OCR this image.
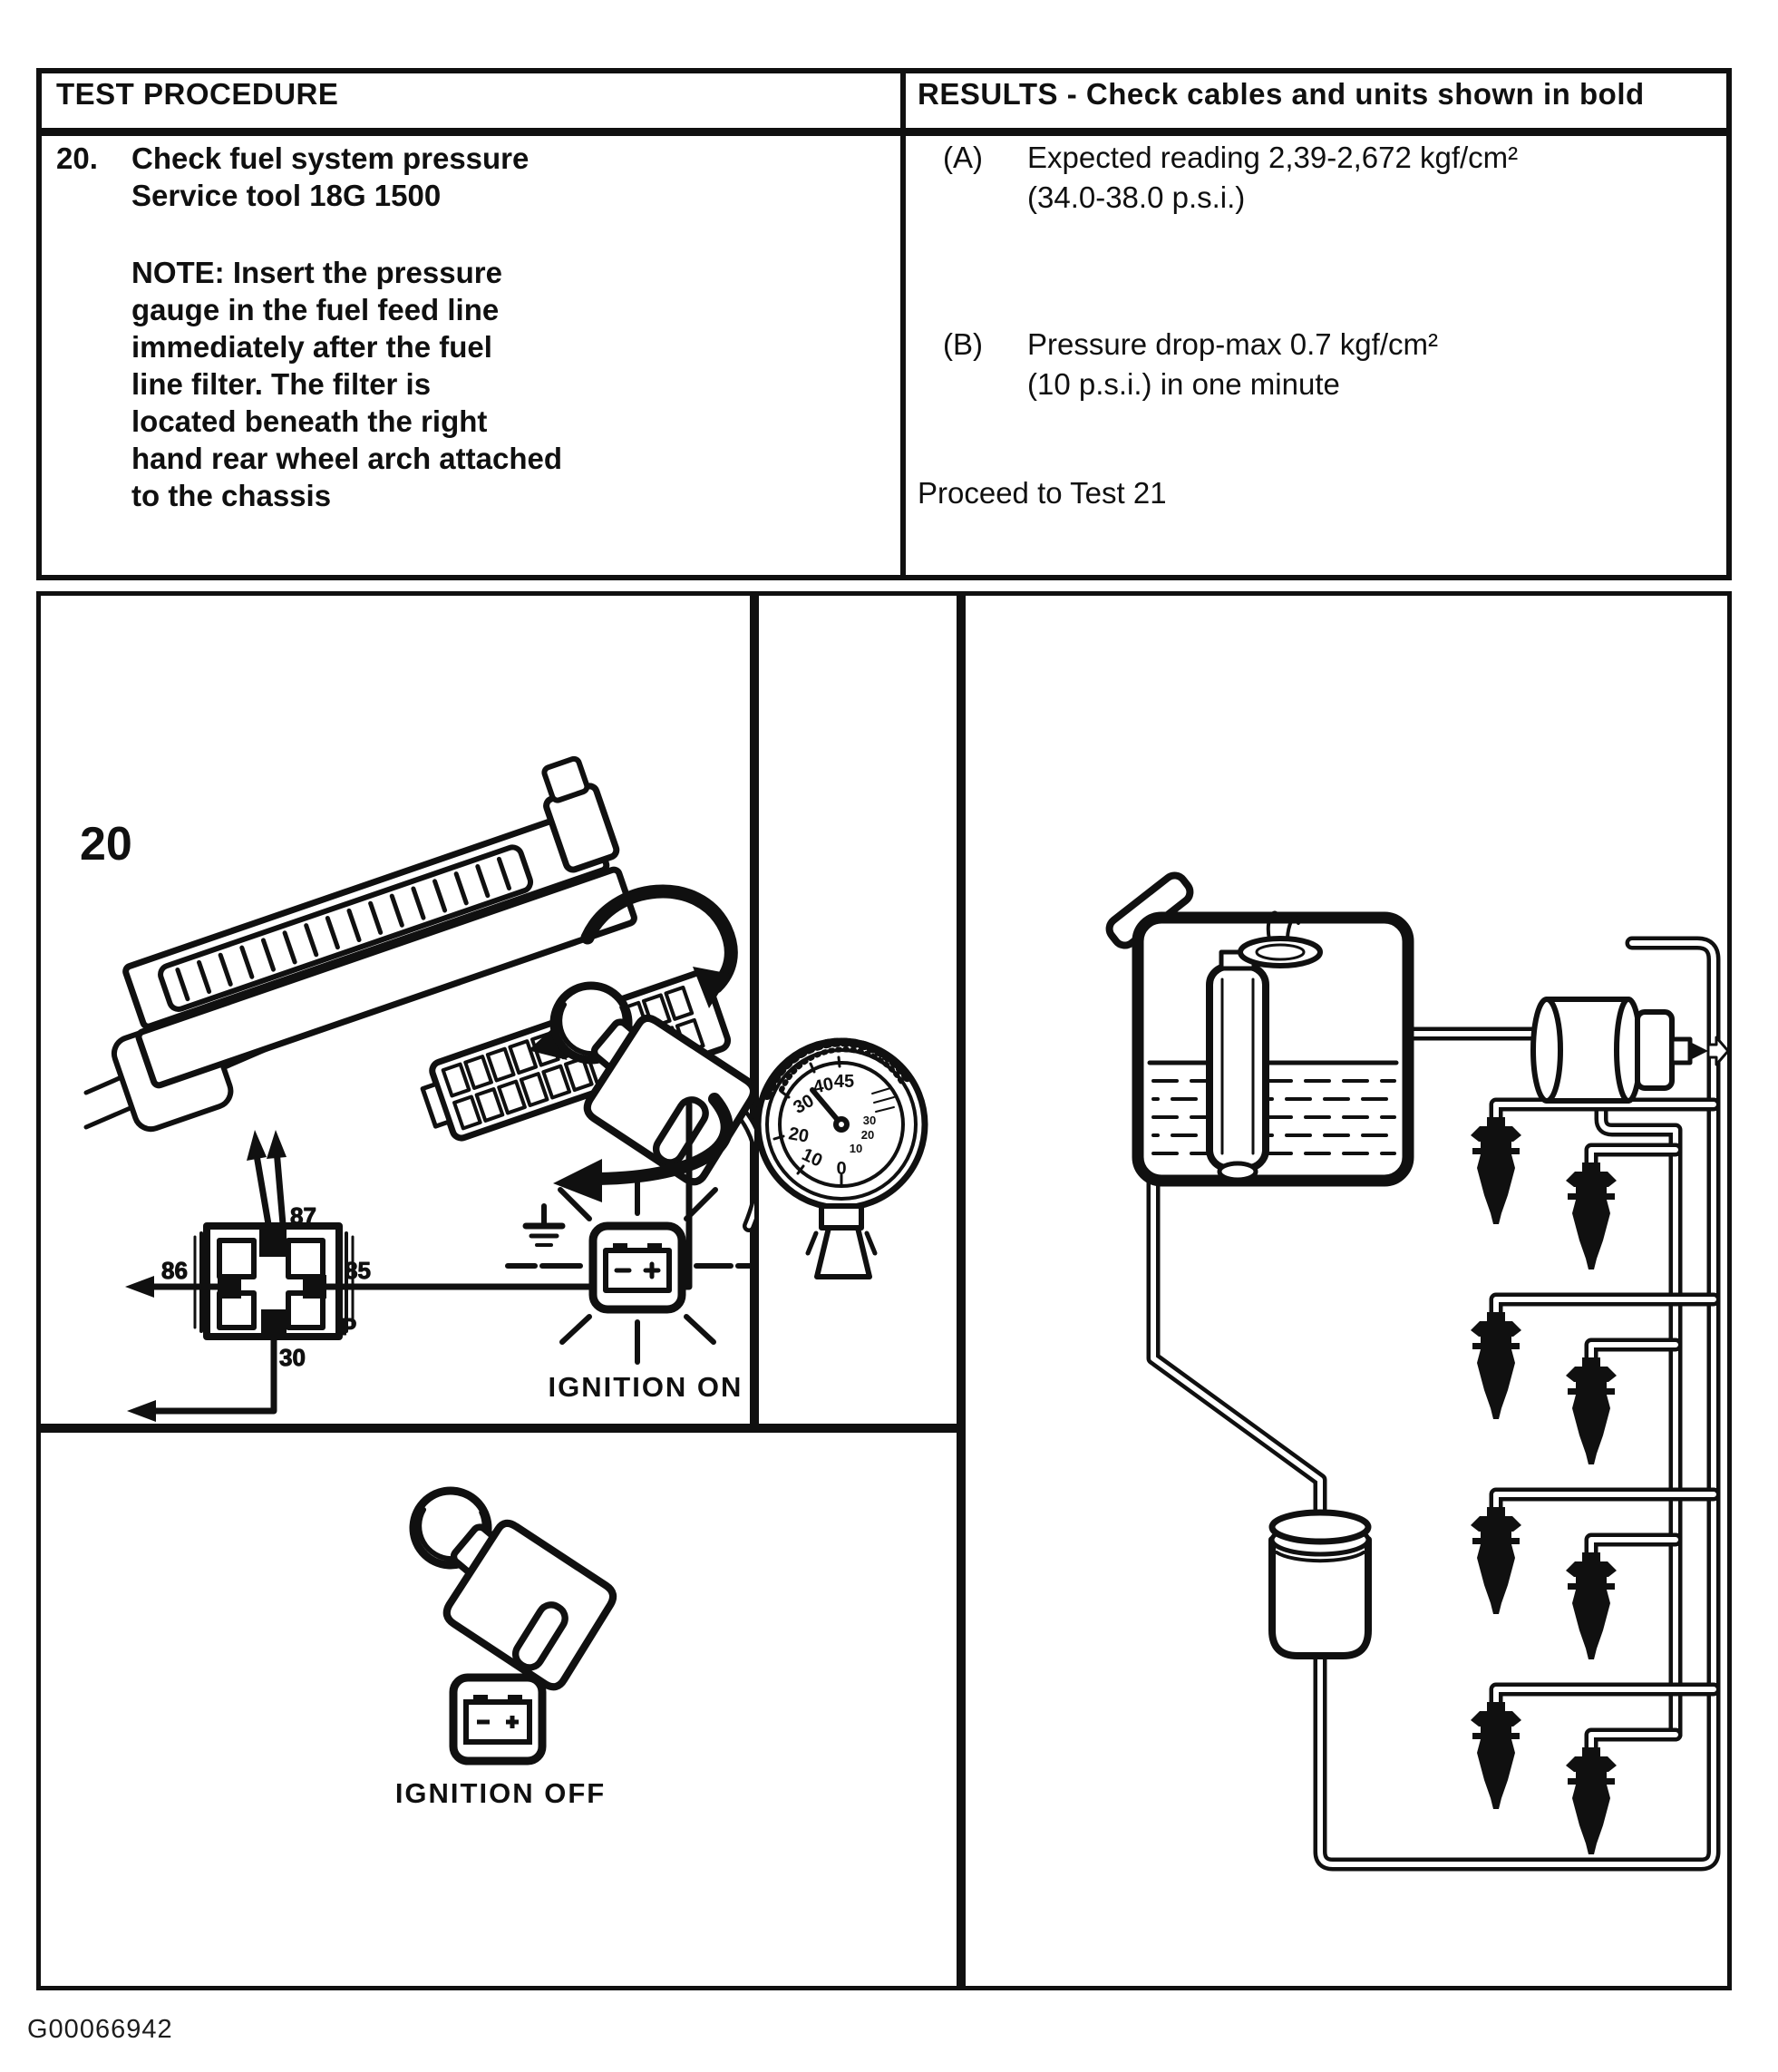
TEST PROCEDURE	RESULTS - Check cables and units shown in bold
20. Check fuel system pressure
Service tool 18G 1500
NOTE: Insert the pressure
gauge in the fuel feed line
immediately after the fuel
line filter. The filter is
located beneath the right
hand rear wheel arch attached
to the chassis
(A) Expected reading 2,39-2,672 kgf/cm²
(34.0-38.0 p.s.i.)
(B) Pressure drop-max 0.7 kgf/cm²
(10 p.s.i.) in one minute
Proceed to Test 21
16
87
86	85
30
P
IGNITION ON
20
0
10
20
30
40
45
10
20
30
IGNITION OFF
G00066942
